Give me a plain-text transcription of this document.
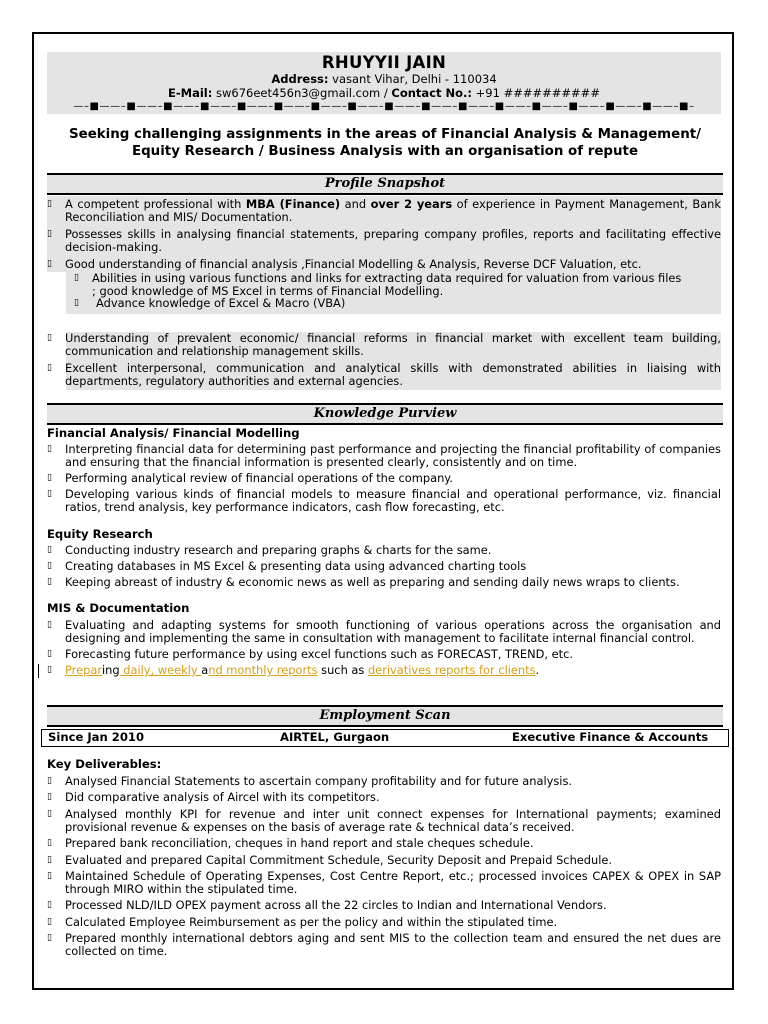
RHUYYII JAIN
Address: vasant Vihar, Delhi - 110034
E-Mail: sw676eet456n3@gmail.com / Contact No.: +91 ##########
—–■——–■——–■——–■——–■——–■——–■——–■——–■——–■——–■——–■——–■——–■——–■——–■——–■–
Seeking challenging assignments in the areas of Financial Analysis & Management/
Equity Research / Business Analysis with an organisation of repute
Profile Snapshot
▯ A competent professional with MBA (Finance) and over 2 years of experience in Payment Management, Bank Reconciliation and MIS/ Documentation.
▯ Possesses skills in analysing financial statements, preparing company profiles, reports and facilitating effective decision-making.
▯ Good understanding of financial analysis ,Financial Modelling & Analysis, Reverse DCF Valuation, etc.
▯ Abilities in using various functions and links for extracting data required for valuation from various files
; good knowledge of MS Excel in terms of Financial Modelling.
▯ Advance knowledge of Excel & Macro (VBA)
▯ Understanding of prevalent economic/ financial reforms in financial market with excellent team building, communication and relationship management skills.
▯ Excellent interpersonal, communication and analytical skills with demonstrated abilities in liaising with departments, regulatory authorities and external agencies.
Knowledge Purview
Financial Analysis/ Financial Modelling
▯ Interpreting financial data for determining past performance and projecting the financial profitability of companies and ensuring that the financial information is presented clearly, consistently and on time.
▯ Performing analytical review of financial operations of the company.
▯ Developing various kinds of financial models to measure financial and operational performance, viz. financial ratios, trend analysis, key performance indicators, cash flow forecasting, etc.
Equity Research
▯ Conducting industry research and preparing graphs & charts for the same.
▯ Creating databases in MS Excel & presenting data using advanced charting tools
▯ Keeping abreast of industry & economic news as well as preparing and sending daily news wraps to clients.
MIS & Documentation
▯ Evaluating and adapting systems for smooth functioning of various operations across the organisation and designing and implementing the same in consultation with management to facilitate internal financial control.
▯ Forecasting future performance by using excel functions such as FORECAST, TREND, etc.
▯ Preparing daily, weekly and monthly reports such as derivatives reports for clients.
Employment Scan
Since Jan 2010	AIRTEL, Gurgaon	Executive Finance & Accounts
Key Deliverables:
▯ Analysed Financial Statements to ascertain company profitability and for future analysis.
▯ Did comparative analysis of Aircel with its competitors.
▯ Analysed monthly KPI for revenue and inter unit connect expenses for International payments; examined provisional revenue & expenses on the basis of average rate & technical data’s received.
▯ Prepared bank reconciliation, cheques in hand report and stale cheques schedule.
▯ Evaluated and prepared Capital Commitment Schedule, Security Deposit and Prepaid Schedule.
▯ Maintained Schedule of Operating Expenses, Cost Centre Report, etc.; processed invoices CAPEX & OPEX in SAP through MIRO within the stipulated time.
▯ Processed NLD/ILD OPEX payment across all the 22 circles to Indian and International Vendors.
▯ Calculated Employee Reimbursement as per the policy and within the stipulated time.
▯ Prepared monthly international debtors aging and sent MIS to the collection team and ensured the net dues are collected on time.
